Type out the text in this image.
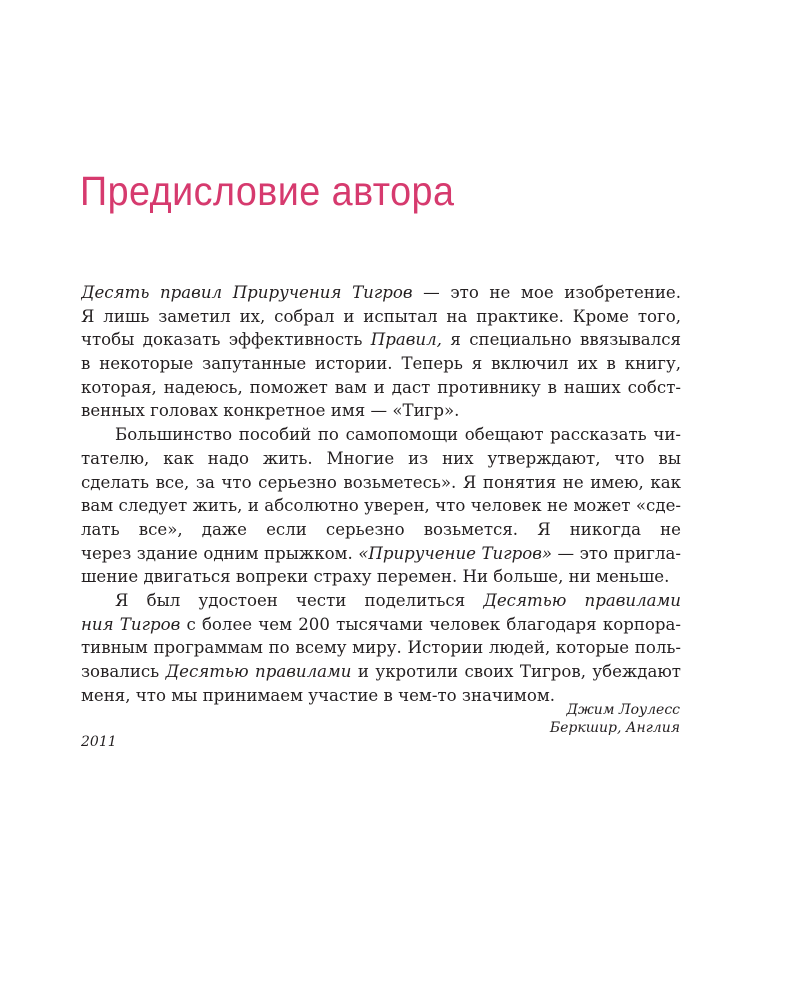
Предисловие автора
Десять правил Приручения Тигров — это не мое изобретение.
Я лишь заметил их, собрал и испытал на практике. Кроме того,
чтобы доказать эффективность Правил, я специально ввязывался
в некоторые запутанные истории. Теперь я включил их в книгу,
которая, надеюсь, поможет вам и даст противнику в наших собст-
венных головах конкретное имя — «Тигр».
Большинство пособий по самопомощи обещают рассказать чи-
тателю, как надо жить. Многие из них утверждают, что вы
сделать все, за что серьезно возьметесь». Я понятия не имею, как
вам следует жить, и абсолютно уверен, что человек не может «сде-
лать все», даже если серьезно возьмется. Я никогда не
через здание одним прыжком. «Приручение Тигров» — это пригла-
шение двигаться вопреки страху перемен. Ни больше, ни меньше.
Я был удостоен чести поделиться Десятью правилами
ния Тигров с более чем 200 тысячами человек благодаря корпора-
тивным программам по всему миру. Истории людей, которые поль-
зовались Десятью правилами и укротили своих Тигров, убеждают
меня, что мы принимаем участие в чем-то значимом.
Джим Лоулесс
Беркшир, Англия
2011
